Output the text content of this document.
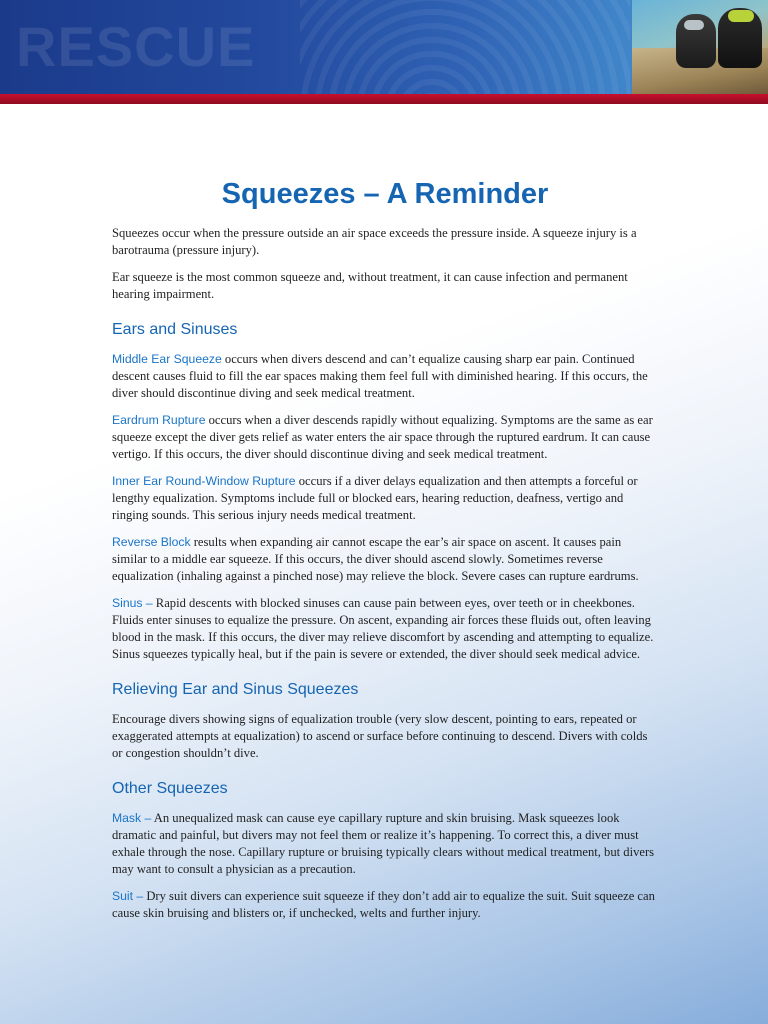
RESCUE
Squeezes – A Reminder

Squeezes occur when the pressure outside an air space exceeds the pressure inside. A squeeze injury is a barotrauma (pressure injury).

Ear squeeze is the most common squeeze and, without treatment, it can cause infection and permanent hearing impairment.

Ears and Sinuses

Middle Ear Squeeze occurs when divers descend and can’t equalize causing sharp ear pain. Continued descent causes fluid to fill the ear spaces making them feel full with diminished hearing. If this occurs, the diver should discontinue diving and seek medical treatment.

Eardrum Rupture occurs when a diver descends rapidly without equalizing. Symptoms are the same as ear squeeze except the diver gets relief as water enters the air space through the ruptured eardrum. It can cause vertigo. If this occurs, the diver should discontinue diving and seek medical treatment.

Inner Ear Round-Window Rupture occurs if a diver delays equalization and then attempts a forceful or lengthy equalization. Symptoms include full or blocked ears, hearing reduction, deafness, vertigo and ringing sounds. This serious injury needs medical treatment.

Reverse Block results when expanding air cannot escape the ear’s air space on ascent. It causes pain similar to a middle ear squeeze. If this occurs, the diver should ascend slowly. Sometimes reverse equalization (inhaling against a pinched nose) may relieve the block. Severe cases can rupture eardrums.

Sinus – Rapid descents with blocked sinuses can cause pain between eyes, over teeth or in cheekbones. Fluids enter sinuses to equalize the pressure. On ascent, expanding air forces these fluids out, often leaving blood in the mask. If this occurs, the diver may relieve discomfort by ascending and attempting to equalize. Sinus squeezes typically heal, but if the pain is severe or extended, the diver should seek medical advice.

Relieving Ear and Sinus Squeezes

Encourage divers showing signs of equalization trouble (very slow descent, pointing to ears, repeated or exaggerated attempts at equalization) to ascend or surface before continuing to descend. Divers with colds or congestion shouldn’t dive.

Other Squeezes

Mask – An unequalized mask can cause eye capillary rupture and skin bruising. Mask squeezes look dramatic and painful, but divers may not feel them or realize it’s happening. To correct this, a diver must exhale through the nose. Capillary rupture or bruising typically clears without medical treatment, but divers may want to consult a physician as a precaution.

Suit – Dry suit divers can experience suit squeeze if they don’t add air to equalize the suit. Suit squeeze can cause skin bruising and blisters or, if unchecked, welts and further injury.
